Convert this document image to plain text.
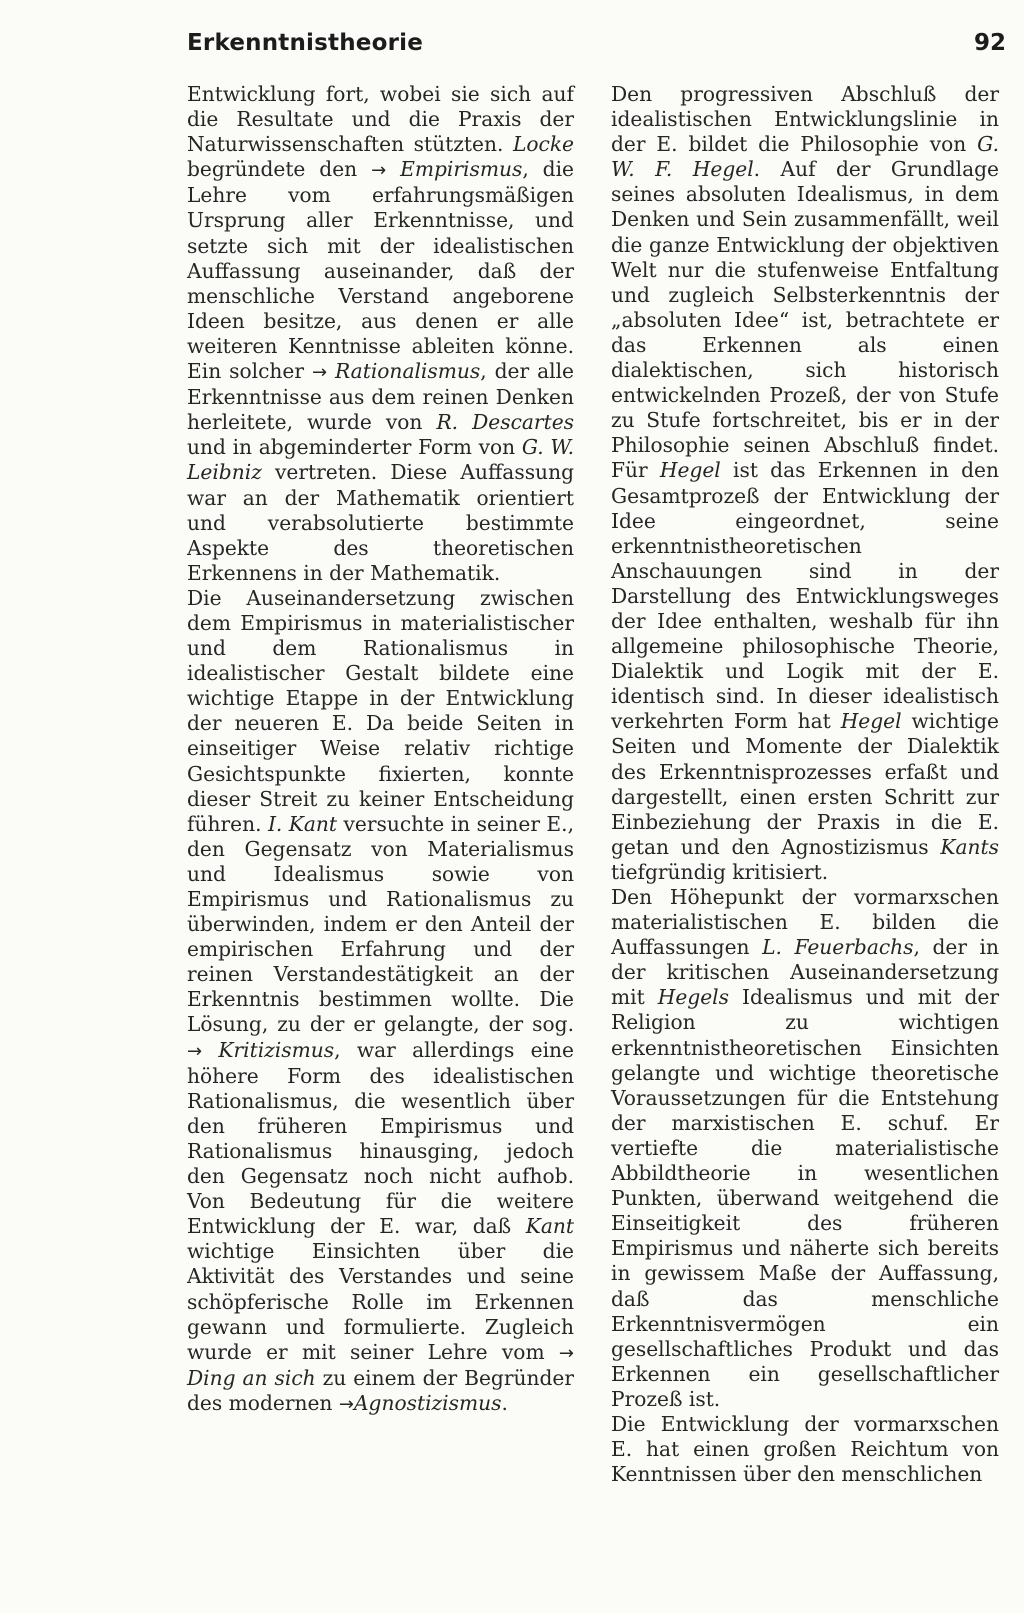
Erkenntnistheorie	92

Entwicklung fort, wobei sie sich auf die Resultate und die Praxis der Naturwissenschaften stützten. Locke begründete den → Empirismus, die Lehre vom erfahrungsmäßigen Ursprung aller Erkenntnisse, und setzte sich mit der idealistischen Auffassung auseinander, daß der menschliche Verstand angeborene Ideen besitze, aus denen er alle weiteren Kenntnisse ableiten könne. Ein solcher → Rationalismus, der alle Erkenntnisse aus dem reinen Denken herleitete, wurde von R. Descartes und in abgeminderter Form von G. W. Leibniz vertreten. Diese Auffassung war an der Mathematik orientiert und verabsolutierte bestimmte Aspekte des theoretischen Erkennens in der Mathematik.

Die Auseinandersetzung zwischen dem Empirismus in materialistischer und dem Rationalismus in idealistischer Gestalt bildete eine wichtige Etappe in der Entwicklung der neueren E. Da beide Seiten in einseitiger Weise relativ richtige Gesichtspunkte fixierten, konnte dieser Streit zu keiner Entscheidung führen. I. Kant versuchte in seiner E., den Gegensatz von Materialismus und Idealismus sowie von Empirismus und Rationalismus zu überwinden, indem er den Anteil der empirischen Erfahrung und der reinen Verstandestätigkeit an der Erkenntnis bestimmen wollte. Die Lösung, zu der er gelangte, der sog. → Kritizismus, war allerdings eine höhere Form des idealistischen Rationalismus, die wesentlich über den früheren Empirismus und Rationalismus hinausging, jedoch den Gegensatz noch nicht aufhob. Von Bedeutung für die weitere Entwicklung der E. war, daß Kant wichtige Einsichten über die Aktivität des Verstandes und seine schöpferische Rolle im Erkennen gewann und formulierte. Zugleich wurde er mit seiner Lehre vom → Ding an sich zu einem der Begründer des modernen →Agnostizismus.

Den progressiven Abschluß der idealistischen Entwicklungslinie in der E. bildet die Philosophie von G. W. F. Hegel. Auf der Grundlage seines absoluten Idealismus, in dem Denken und Sein zusammenfällt, weil die ganze Entwicklung der objektiven Welt nur die stufenweise Entfaltung und zugleich Selbsterkenntnis der „absoluten Idee“ ist, betrachtete er das Erkennen als einen dialektischen, sich historisch entwickelnden Prozeß, der von Stufe zu Stufe fortschreitet, bis er in der Philosophie seinen Abschluß findet. Für Hegel ist das Erkennen in den Gesamtprozeß der Entwicklung der Idee eingeordnet, seine erkenntnistheoretischen Anschauungen sind in der Darstellung des Entwicklungsweges der Idee enthalten, weshalb für ihn allgemeine philosophische Theorie, Dialektik und Logik mit der E. identisch sind. In dieser idealistisch verkehrten Form hat Hegel wichtige Seiten und Momente der Dialektik des Erkenntnisprozesses erfaßt und dargestellt, einen ersten Schritt zur Einbeziehung der Praxis in die E. getan und den Agnostizismus Kants tiefgründig kritisiert.

Den Höhepunkt der vormarxschen materialistischen E. bilden die Auffassungen L. Feuerbachs, der in der kritischen Auseinandersetzung mit Hegels Idealismus und mit der Religion zu wichtigen erkenntnistheoretischen Einsichten gelangte und wichtige theoretische Voraussetzungen für die Entstehung der marxistischen E. schuf. Er vertiefte die materialistische Abbildtheorie in wesentlichen Punkten, überwand weitgehend die Einseitigkeit des früheren Empirismus und näherte sich bereits in gewissem Maße der Auffassung, daß das menschliche Erkenntnisvermögen ein gesellschaftliches Produkt und das Erkennen ein gesellschaftlicher Prozeß ist.

Die Entwicklung der vormarxschen E. hat einen großen Reichtum von Kenntnissen über den menschlichen
